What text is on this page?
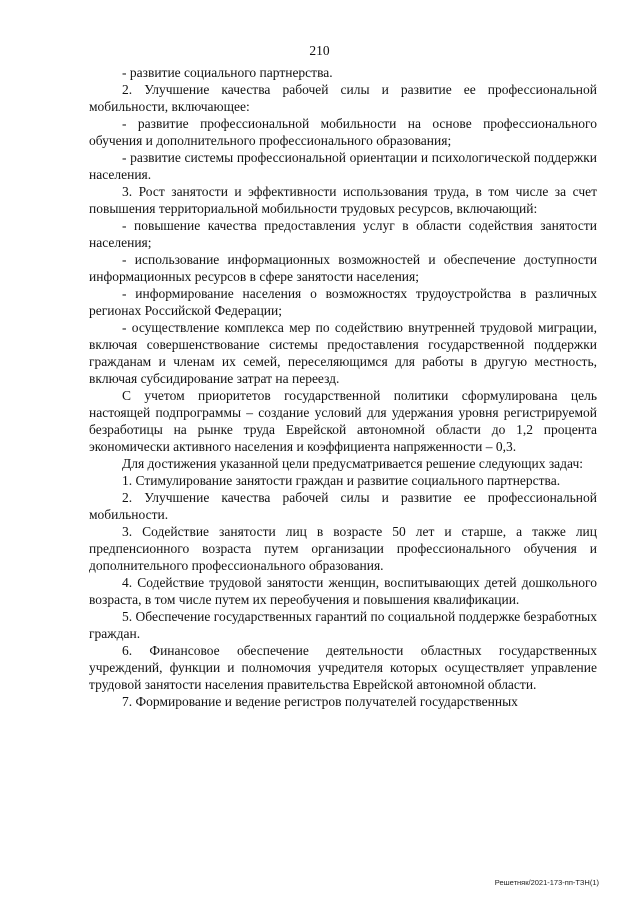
210

- развитие социального партнерства.

2. Улучшение качества рабочей силы и развитие ее профессиональной мобильности, включающее:

- развитие профессиональной мобильности на основе профессионального обучения и дополнительного профессионального образования;

- развитие системы профессиональной ориентации и психологической поддержки населения.

3. Рост занятости и эффективности использования труда, в том числе за счет повышения территориальной мобильности трудовых ресурсов, включающий:

- повышение качества предоставления услуг в области содействия занятости населения;

- использование информационных возможностей и обеспечение доступности информационных ресурсов в сфере занятости населения;

- информирование населения о возможностях трудоустройства в различных регионах Российской Федерации;

- осуществление комплекса мер по содействию внутренней трудовой миграции, включая совершенствование системы предоставления государственной поддержки гражданам и членам их семей, переселяющимся для работы в другую местность, включая субсидирование затрат на переезд.

С учетом приоритетов государственной политики сформулирована цель настоящей подпрограммы – создание условий для удержания уровня регистрируемой безработицы на рынке труда Еврейской автономной области до 1,2 процента экономически активного населения и коэффициента напряженности – 0,3.

Для достижения указанной цели предусматривается решение следующих задач:

1. Стимулирование занятости граждан и развитие социального партнерства.

2. Улучшение качества рабочей силы и развитие ее профессиональной мобильности.

3. Содействие занятости лиц в возрасте 50 лет и старше, а также лиц предпенсионного возраста путем организации профессионального обучения и дополнительного профессионального образования.

4. Содействие трудовой занятости женщин, воспитывающих детей дошкольного возраста, в том числе путем их переобучения и повышения квалификации.

5. Обеспечение государственных гарантий по социальной поддержке безработных граждан.

6. Финансовое обеспечение деятельности областных государственных учреждений, функции и полномочия учредителя которых осуществляет управление трудовой занятости населения правительства Еврейской автономной области.

7. Формирование и ведение регистров получателей государственных

Решетняк/2021-173-пп-ТЗН(1)
